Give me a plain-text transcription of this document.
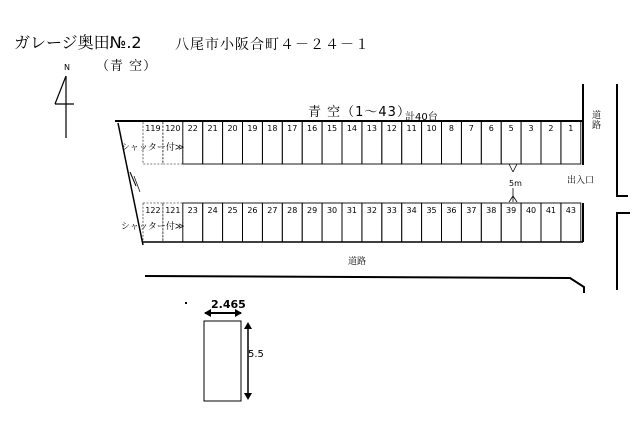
119 120 22 21 20 19 18 17 16 15 14 13 12 11 10 8 7 6 5 3 2 1
122 121 23 24 25 26 27 28 29 30 31 32 33 34 35 36 37 38 39 40 41 43
ガレージ奥田№.2 八尾市小阪合町４－２４－１
（青 空）
N
青 空（1～43）
計40台	道路
道路
出入口
5m
シャッター付≫
シャッター付≫
2.465
5.5
